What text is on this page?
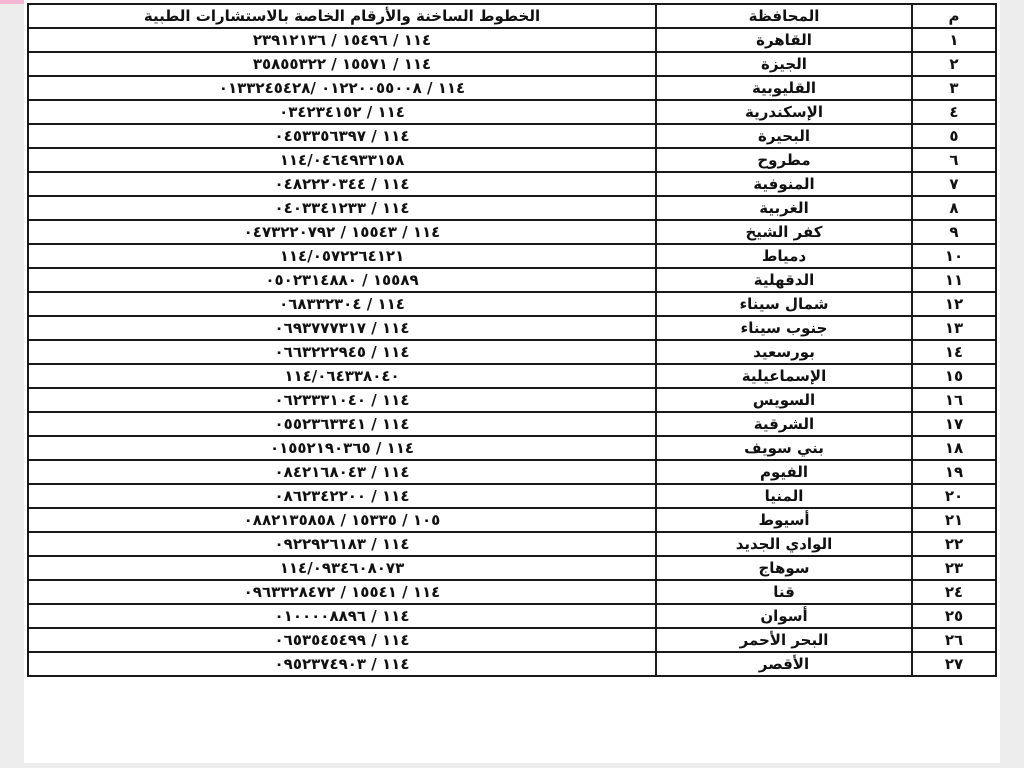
م	المحافظة	الخطوط الساخنة والأرقام الخاصة بالاستشارات الطبية
١	القاهرة	١١٤ / ١٥٤٩٦ / ٢٣٩١٢١٣٦
٢	الجيزة	١١٤ / ١٥٥٧١ / ٣٥٨٥٥٣٢٢
٣	القليوبية	١١٤ / ٠١٢٢٠٠٥٥٠٠٨ /٠١٣٣٢٤٥٤٢٨
٤	الإسكندرية	١١٤ / ٠٣٤٢٣٤١٥٢
٥	البحيرة	١١٤ / ٠٤٥٣٣٥٦٣٩٧
٦	مطروح	١١٤/٠٤٦٤٩٣٣١٥٨
٧	المنوفية	١١٤ / ٠٤٨٢٢٢٠٣٤٤
٨	الغربية	١١٤ / ٠٤٠٣٣٤١٢٣٣
٩	كفر الشيخ	١١٤ / ١٥٥٤٣ / ٠٤٧٣٢٢٠٧٩٢
١٠	دمياط	١١٤/٠٥٧٢٢٦٤١٢١
١١	الدقهلية	١٥٥٨٩ / ٠٥٠٢٣١٤٨٨٠
١٢	شمال سيناء	١١٤ / ٠٦٨٣٣٢٣٠٤
١٣	جنوب سيناء	١١٤ / ٠٦٩٣٧٧٧٣١٧
١٤	بورسعيد	١١٤ / ٠٦٦٣٢٢٢٩٤٥
١٥	الإسماعيلية	١١٤/٠٦٤٣٣٨٠٤٠
١٦	السويس	١١٤ / ٠٦٢٣٣٣١٠٤٠
١٧	الشرقية	١١٤ / ٠٥٥٢٣٦٣٣٤١
١٨	بني سويف	١١٤ / ٠١٥٥٢١٩٠٣٦٥
١٩	الفيوم	١١٤ / ٠٨٤٢١٦٨٠٤٣
٢٠	المنيا	١١٤ / ٠٨٦٢٣٤٢٢٠٠
٢١	أسيوط	١٠٥ / ١٥٣٣٥ / ٠٨٨٢١٣٥٨٥٨
٢٢	الوادي الجديد	١١٤ / ٠٩٢٢٩٢٦١٨٣
٢٣	سوهاج	١١٤/٠٩٣٤٦٠٨٠٧٣
٢٤	قنا	١١٤ / ١٥٥٤١ / ٠٩٦٣٣٢٨٤٧٢
٢٥	أسوان	١١٤ / ٠١٠٠٠٠٨٨٩٦
٢٦	البحر الأحمر	١١٤ / ٠٦٥٣٥٤٥٤٩٩
٢٧	الأقصر	١١٤ / ٠٩٥٢٣٧٤٩٠٣
